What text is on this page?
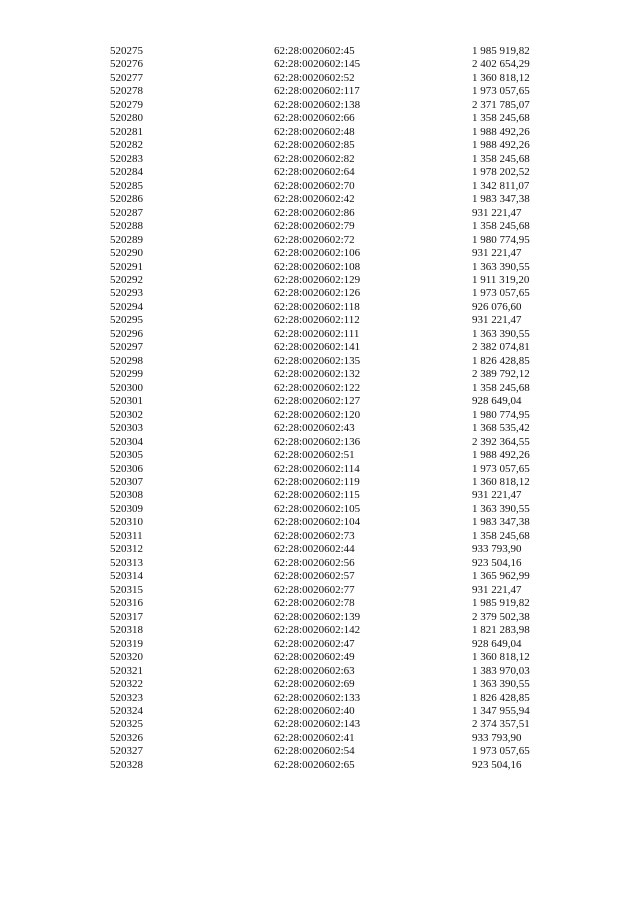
520275	62:28:0020602:45	1 985 919,82
520276	62:28:0020602:145	2 402 654,29
520277	62:28:0020602:52	1 360 818,12
520278	62:28:0020602:117	1 973 057,65
520279	62:28:0020602:138	2 371 785,07
520280	62:28:0020602:66	1 358 245,68
520281	62:28:0020602:48	1 988 492,26
520282	62:28:0020602:85	1 988 492,26
520283	62:28:0020602:82	1 358 245,68
520284	62:28:0020602:64	1 978 202,52
520285	62:28:0020602:70	1 342 811,07
520286	62:28:0020602:42	1 983 347,38
520287	62:28:0020602:86	931 221,47
520288	62:28:0020602:79	1 358 245,68
520289	62:28:0020602:72	1 980 774,95
520290	62:28:0020602:106	931 221,47
520291	62:28:0020602:108	1 363 390,55
520292	62:28:0020602:129	1 911 319,20
520293	62:28:0020602:126	1 973 057,65
520294	62:28:0020602:118	926 076,60
520295	62:28:0020602:112	931 221,47
520296	62:28:0020602:111	1 363 390,55
520297	62:28:0020602:141	2 382 074,81
520298	62:28:0020602:135	1 826 428,85
520299	62:28:0020602:132	2 389 792,12
520300	62:28:0020602:122	1 358 245,68
520301	62:28:0020602:127	928 649,04
520302	62:28:0020602:120	1 980 774,95
520303	62:28:0020602:43	1 368 535,42
520304	62:28:0020602:136	2 392 364,55
520305	62:28:0020602:51	1 988 492,26
520306	62:28:0020602:114	1 973 057,65
520307	62:28:0020602:119	1 360 818,12
520308	62:28:0020602:115	931 221,47
520309	62:28:0020602:105	1 363 390,55
520310	62:28:0020602:104	1 983 347,38
520311	62:28:0020602:73	1 358 245,68
520312	62:28:0020602:44	933 793,90
520313	62:28:0020602:56	923 504,16
520314	62:28:0020602:57	1 365 962,99
520315	62:28:0020602:77	931 221,47
520316	62:28:0020602:78	1 985 919,82
520317	62:28:0020602:139	2 379 502,38
520318	62:28:0020602:142	1 821 283,98
520319	62:28:0020602:47	928 649,04
520320	62:28:0020602:49	1 360 818,12
520321	62:28:0020602:63	1 383 970,03
520322	62:28:0020602:69	1 363 390,55
520323	62:28:0020602:133	1 826 428,85
520324	62:28:0020602:40	1 347 955,94
520325	62:28:0020602:143	2 374 357,51
520326	62:28:0020602:41	933 793,90
520327	62:28:0020602:54	1 973 057,65
520328	62:28:0020602:65	923 504,16
